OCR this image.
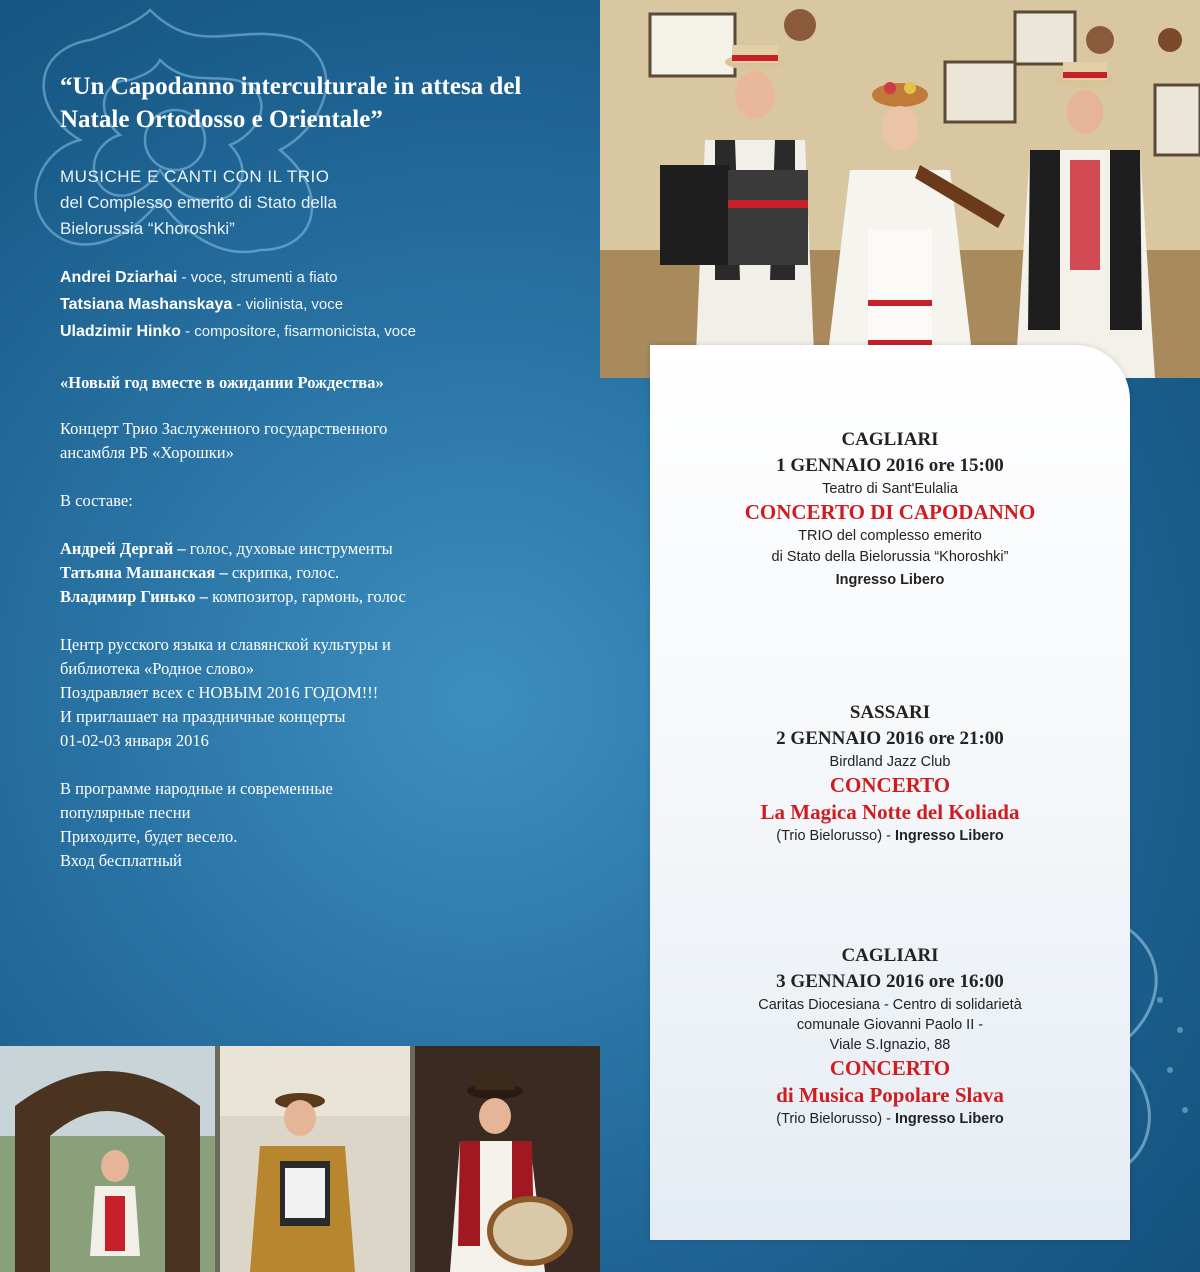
“Un Capodanno interculturale in attesa del Natale Ortodosso e Orientale”
MUSICHE E CANTI CON IL TRIO
del Complesso emerito di Stato della
Bielorussia “Khoroshki”
Andrei Dziarhai - voce, strumenti a fiato
Tatsiana Mashanskaya - violinista, voce
Uladzimir Hinko - compositore, fisarmonicista, voce
«Новый год вместе в ожидании Рождества»
Концерт Трио Заслуженного государственного
ансамбля РБ «Хорошки»
В составе:
Андрей Дергай – голос, духовые инструменты
Татьяна Машанская – скрипка, голос.
Владимир Гинько – композитор, гармонь, голос
Центр русского языка и славянской культуры и
библиотека «Родное слово»
Поздравляет всех с НОВЫМ 2016 ГОДОМ!!!
И приглашает на праздничные концерты
01-02-03 января 2016
В программе народные и современные
популярные песни
Приходите, будет весело.
Вход бесплатный
CAGLIARI
1 GENNAIO 2016 ore 15:00
Teatro di Sant'Eulalia
CONCERTO DI CAPODANNO
TRIO del complesso emerito
di Stato della Bielorussia “Khoroshki”
Ingresso Libero
SASSARI
2 GENNAIO 2016 ore 21:00
Birdland Jazz Club
CONCERTO
La Magica Notte del Koliada
(Trio Bielorusso) - Ingresso Libero
CAGLIARI
3 GENNAIO 2016 ore 16:00
Caritas Diocesiana - Centro di solidarietà
comunale Giovanni Paolo II -
Viale S.Ignazio, 88
CONCERTO
di Musica Popolare Slava
(Trio Bielorusso) - Ingresso Libero
